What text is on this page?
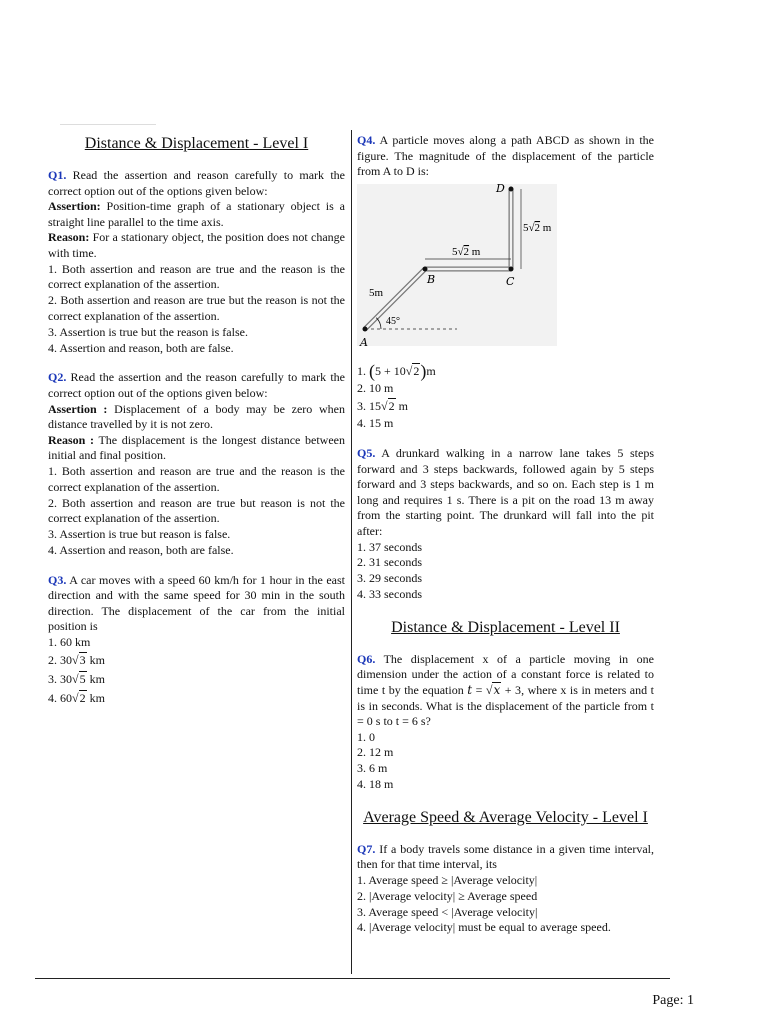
Distance & Displacement - Level I

Q1. Read the assertion and reason carefully to mark the correct option out of the options given below:

Assertion: Position-time graph of a stationary object is a straight line parallel to the time axis.

Reason: For a stationary object, the position does not change with time.

1. Both assertion and reason are true and the reason is the correct explanation of the assertion.
2. Both assertion and reason are true but the reason is not the correct explanation of the assertion.
3. Assertion is true but the reason is false.
4. Assertion and reason, both are false.

Q2. Read the assertion and the reason carefully to mark the correct option out of the options given below:

Assertion : Displacement of a body may be zero when distance travelled by it is not zero.

Reason : The displacement is the longest distance between initial and final position.

1. Both assertion and reason are true and the reason is the correct explanation of the assertion.
2. Both assertion and reason are true but reason is not the correct explanation of the assertion.
3. Assertion is true but reason is false.
4. Assertion and reason, both are false.

Q3. A car moves with a speed 60 km/h for 1 hour in the east direction and with the same speed for 30 min in the south direction. The displacement of the car from the initial position is

1. 60 km
2. 30√3 km
3. 30√5 km
4. 60√2 km

Q4. A particle moves along a path ABCD as shown in the figure. The magnitude of the displacement of the particle from A to D is:

A
B	C
D
5m
45°
5√2 m
5√2 m
1. (5 + 10√2)m
2. 10 m
3. 15√2 m
4. 15 m

Q5. A drunkard walking in a narrow lane takes 5 steps forward and 3 steps backwards, followed again by 5 steps forward and 3 steps backwards, and so on. Each step is 1 m long and requires 1 s. There is a pit on the road 13 m away from the starting point. The drunkard will fall into the pit after:

1. 37 seconds
2. 31 seconds
3. 29 seconds
4. 33 seconds
Distance & Displacement - Level II

Q6. The displacement x of a particle moving in one dimension under the action of a constant force is related to time t by the equation t = √x + 3, where x is in meters and t is in seconds. What is the displacement of the particle from t = 0 s to t = 6 s?

1. 0
2. 12 m
3. 6 m
4. 18 m
Average Speed & Average Velocity - Level I

Q7. If a body travels some distance in a given time interval, then for that time interval, its

1. Average speed ≥ |Average velocity|
2. |Average velocity| ≥ Average speed
3. Average speed < |Average velocity|
4. |Average velocity| must be equal to average speed.
Page: 1
